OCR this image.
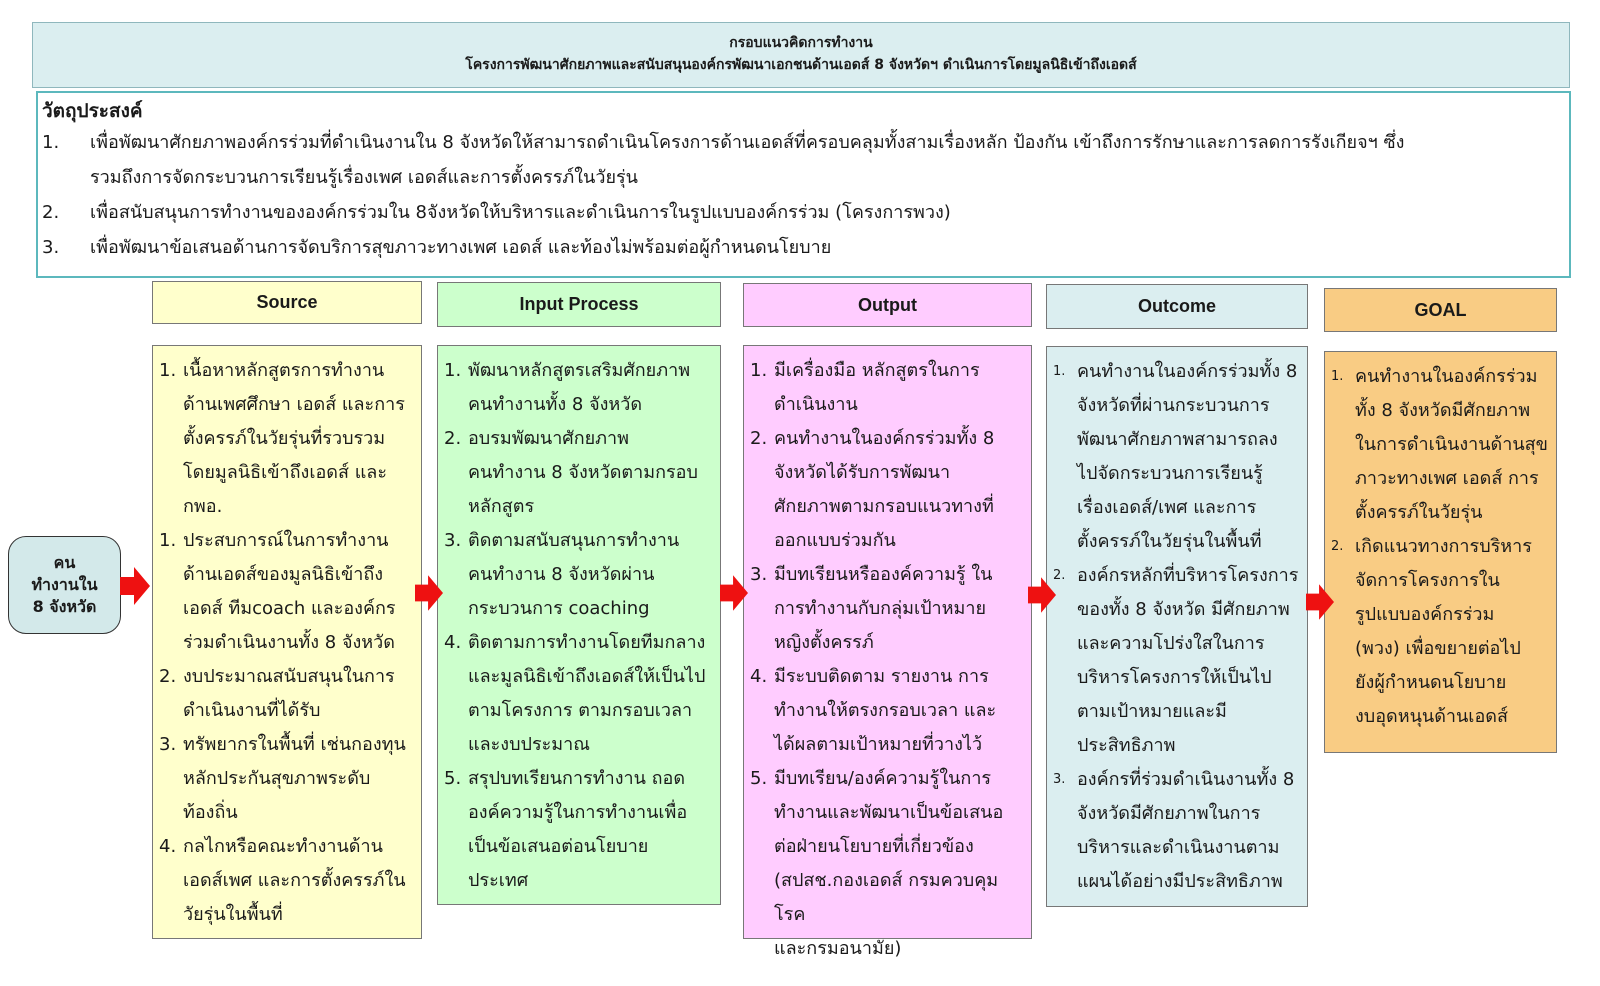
กรอบแนวคิดการทำงาน
โครงการพัฒนาศักยภาพและสนับสนุนองค์กรพัฒนาเอกชนด้านเอดส์ 8 จังหวัดฯ ดำเนินการโดยมูลนิธิเข้าถึงเอดส์
วัตถุประสงค์
1.	เพื่อพัฒนาศักยภาพองค์กรร่วมที่ดำเนินงานใน 8 จังหวัดให้สามารถดำเนินโครงการด้านเอดส์ที่ครอบคลุมทั้งสามเรื่องหลัก ป้องกัน เข้าถึงการรักษาและการลดการรังเกียจฯ ซึ่ง
รวมถึงการจัดกระบวนการเรียนรู้เรื่องเพศ เอดส์และการตั้งครรภ์ในวัยรุ่น
2.	เพื่อสนับสนุนการทำงานขององค์กรร่วมใน 8จังหวัดให้บริหารและดำเนินการในรูปแบบองค์กรร่วม (โครงการพวง)
3.	เพื่อพัฒนาข้อเสนอด้านการจัดบริการสุขภาวะทางเพศ เอดส์ และท้องไม่พร้อมต่อผู้กำหนดนโยบาย
คน
ทำงานใน
8 จังหวัด
Source	Input Process	Output	Outcome	GOAL
1. เนื้อหาหลักสูตรการทำงาน
ด้านเพศศึกษา เอดส์ และการ
ตั้งครรภ์ในวัยรุ่นที่รวบรวม
โดยมูลนิธิเข้าถึงเอดส์ และ
กพอ.
1. ประสบการณ์ในการทำงาน
ด้านเอดส์ของมูลนิธิเข้าถึง
เอดส์ ทีมcoach และองค์กร
ร่วมดำเนินงานทั้ง 8 จังหวัด
2. งบประมาณสนับสนุนในการ
ดำเนินงานที่ได้รับ
3. ทรัพยากรในพื้นที่ เช่นกองทุน
หลักประกันสุขภาพระดับ
ท้องถิ่น
4. กลไกหรือคณะทำงานด้าน
เอดส์เพศ และการตั้งครรภ์ใน
วัยรุ่นในพื้นที่
1. พัฒนาหลักสูตรเสริมศักยภาพ
คนทำงานทั้ง 8 จังหวัด
2. อบรมพัฒนาศักยภาพ
คนทำงาน 8 จังหวัดตามกรอบ
หลักสูตร
3. ติดตามสนับสนุนการทำงาน
คนทำงาน 8 จังหวัดผ่าน
กระบวนการ coaching
4. ติดตามการทำงานโดยทีมกลาง
และมูลนิธิเข้าถึงเอดส์ให้เป็นไป
ตามโครงการ ตามกรอบเวลา
และงบประมาณ
5. สรุปบทเรียนการทำงาน ถอด
องค์ความรู้ในการทำงานเพื่อ
เป็นข้อเสนอต่อนโยบาย
ประเทศ
1. มีเครื่องมือ หลักสูตรในการ
ดำเนินงาน
2. คนทำงานในองค์กรร่วมทั้ง 8
จังหวัดได้รับการพัฒนา
ศักยภาพตามกรอบแนวทางที่
ออกแบบร่วมกัน
3. มีบทเรียนหรือองค์ความรู้ ใน
การทำงานกับกลุ่มเป้าหมาย
หญิงตั้งครรภ์
4. มีระบบติดตาม รายงาน การ
ทำงานให้ตรงกรอบเวลา และ
ได้ผลตามเป้าหมายที่วางไว้
5. มีบทเรียน/องค์ความรู้ในการ
ทำงานและพัฒนาเป็นข้อเสนอ
ต่อฝ่ายนโยบายที่เกี่ยวข้อง
(สปสช.กองเอดส์ กรมควบคุมโรค
และกรมอนามัย)
1. คนทำงานในองค์กรร่วมทั้ง 8
จังหวัดที่ผ่านกระบวนการ
พัฒนาศักยภาพสามารถลง
ไปจัดกระบวนการเรียนรู้
เรื่องเอดส์/เพศ และการ
ตั้งครรภ์ในวัยรุ่นในพื้นที่
2. องค์กรหลักที่บริหารโครงการ
ของทั้ง 8 จังหวัด มีศักยภาพ
และความโปร่งใสในการ
บริหารโครงการให้เป็นไป
ตามเป้าหมายและมี
ประสิทธิภาพ
3. องค์กรที่ร่วมดำเนินงานทั้ง 8
จังหวัดมีศักยภาพในการ
บริหารและดำเนินงานตาม
แผนได้อย่างมีประสิทธิภาพ
1. คนทำงานในองค์กรร่วม
ทั้ง 8 จังหวัดมีศักยภาพ
ในการดำเนินงานด้านสุข
ภาวะทางเพศ เอดส์ การ
ตั้งครรภ์ในวัยรุ่น
2. เกิดแนวทางการบริหาร
จัดการโครงการใน
รูปแบบองค์กรร่วม
(พวง) เพื่อขยายต่อไป
ยังผู้กำหนดนโยบาย
งบอุดหนุนด้านเอดส์
